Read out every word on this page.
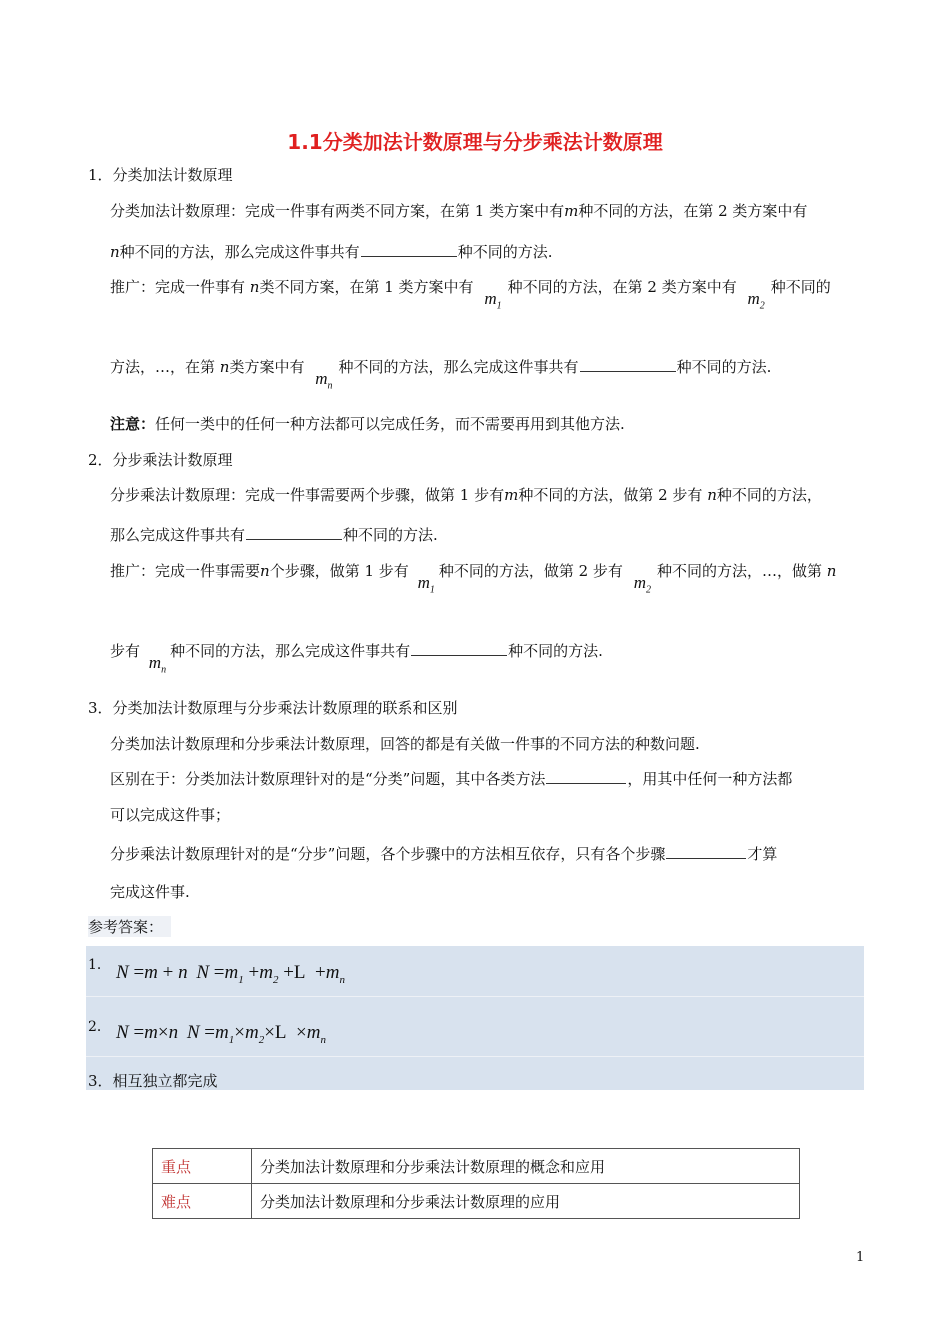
1.1分类加法计数原理与分步乘法计数原理
1．分类加法计数原理
分类加法计数原理：完成一件事有两类不同方案，在第 1 类方案中有m种不同的方法，在第 2 类方案中有
n种不同的方法，那么完成这件事共有	种不同的方法.
推广：完成一件事有 n类不同方案，在第 1 类方案中有 $m_1$种不同的方法，在第 2 类方案中有 $m_2$种不同的
方法，…，在第 n类方案中有 $m_n$种不同的方法，那么完成这件事共有	种不同的方法.
注意：任何一类中的任何一种方法都可以完成任务，而不需要再用到其他方法.
2．分步乘法计数原理
分步乘法计数原理：完成一件事需要两个步骤，做第 1 步有m种不同的方法，做第 2 步有 n种不同的方法，
那么完成这件事共有	种不同的方法.
推广：完成一件事需要n个步骤，做第 1 步有 $m_1$种不同的方法，做第 2 步有 $m_2$种不同的方法，…，做第 n
步有 $m_n$种不同的方法，那么完成这件事共有	种不同的方法.
3．分类加法计数原理与分步乘法计数原理的联系和区别
分类加法计数原理和分步乘法计数原理，回答的都是有关做一件事的不同方法的种数问题.
区别在于：分类加法计数原理针对的是“分类”问题，其中各类方法	，用其中任何一种方法都
可以完成这件事；
分步乘法计数原理针对的是“分步”问题，各个步骤中的方法相互依存，只有各个步骤	才算
完成这件事.
参考答案：
1． N =m + n $N =m_1 +m_2 +L +m_n$
2． N =m×n $N =m_1\times m_2\times L \times m_n$
3．相互独立都完成
重点	分类加法计数原理和分步乘法计数原理的概念和应用
难点	分类加法计数原理和分步乘法计数原理的应用
1
